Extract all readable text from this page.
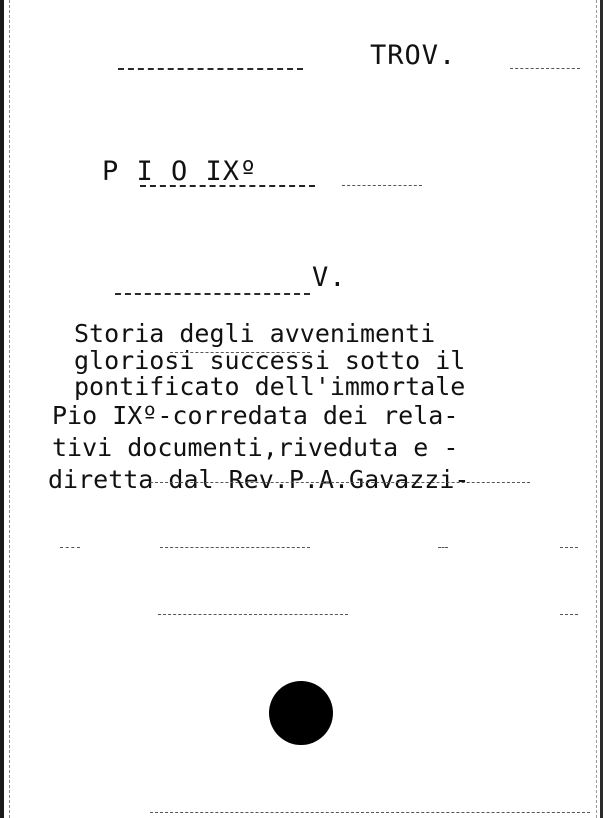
TROV.
P I O IXº
V.
Storia degli avvenimenti
gloriosi successi sotto il
pontificato dell'immortale
Pio IXº-corredata dei rela-
tivi documenti,riveduta e -
diretta dal Rev.P.A.Gavazzi-
